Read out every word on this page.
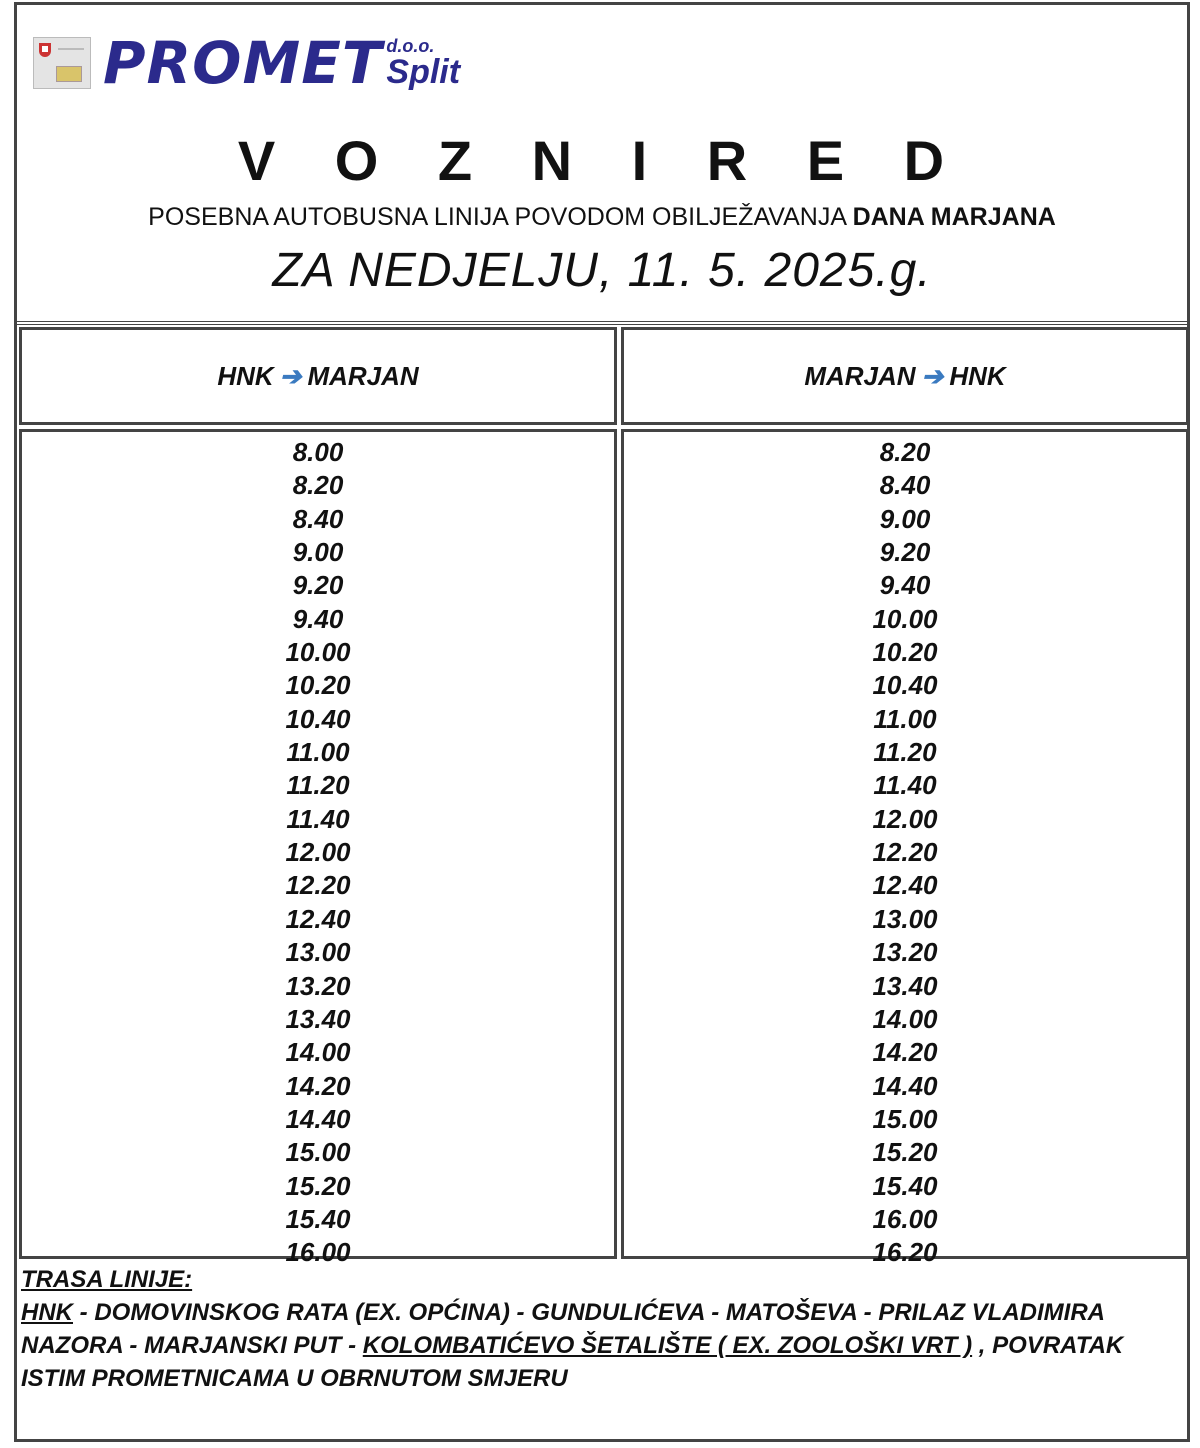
PROMET d.o.o.
Split
V O Z N I R E D
POSEBNA AUTOBUSNA LINIJA POVODOM OBILJEŽAVANJA DANA MARJANA
ZA NEDJELJU, 11. 5. 2025.g.
HNK ➔ MARJAN	MARJAN ➔ HNK
8.00
8.20
8.40
9.00
9.20
9.40
10.00
10.20
10.40
11.00
11.20
11.40
12.00
12.20
12.40
13.00
13.20
13.40
14.00
14.20
14.40
15.00
15.20
15.40
16.00
8.20
8.40
9.00
9.20
9.40
10.00
10.20
10.40
11.00
11.20
11.40
12.00
12.20
12.40
13.00
13.20
13.40
14.00
14.20
14.40
15.00
15.20
15.40
16.00
16.20
TRASA LINIJE:
HNK - DOMOVINSKOG RATA (EX. OPĆINA) - GUNDULIĆEVA - MATOŠEVA - PRILAZ VLADIMIRA NAZORA - MARJANSKI PUT - KOLOMBATIĆEVO ŠETALIŠTE ( EX. ZOOLOŠKI VRT ) , POVRATAK ISTIM PROMETNICAMA U OBRNUTOM SMJERU
